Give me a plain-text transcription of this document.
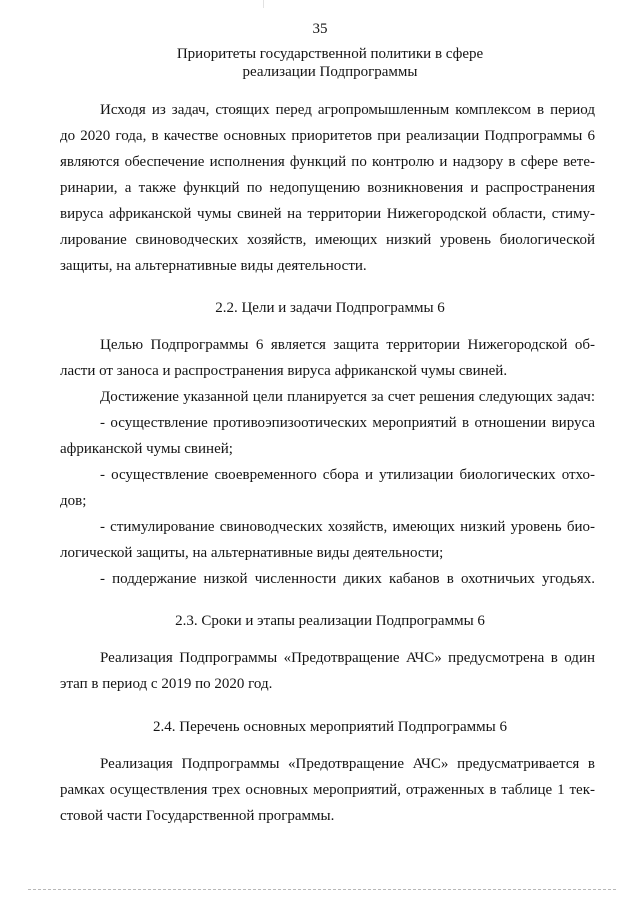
35
Приоритеты государственной политики в сфере
реализации Подпрограммы
Исходя из задач, стоящих перед агропромышленным комплексом в период
до 2020 года, в качестве основных приоритетов при реализации Подпрограммы 6
являются обеспечение исполнения функций по контролю и надзору в сфере вете-
ринарии, а также функций по недопущению возникновения и распространения
вируса африканской чумы свиней на территории Нижегородской области, стиму-
лирование свиноводческих хозяйств, имеющих низкий уровень биологической
защиты, на альтернативные виды деятельности.
2.2. Цели и задачи Подпрограммы 6
Целью Подпрограммы 6 является защита территории Нижегородской об-
ласти от заноса и распространения вируса африканской чумы свиней.
Достижение указанной цели планируется за счет решения следующих задач:
- осуществление противоэпизоотических мероприятий в отношении вируса
африканской чумы свиней;
- осуществление своевременного сбора и утилизации биологических отхо-
дов;
- стимулирование свиноводческих хозяйств, имеющих низкий уровень био-
логической защиты, на альтернативные виды деятельности;
- поддержание низкой численности диких кабанов в охотничьих угодьях.
2.3. Сроки и этапы реализации Подпрограммы 6
Реализация Подпрограммы «Предотвращение АЧС» предусмотрена в один
этап в период с 2019 по 2020 год.
2.4. Перечень основных мероприятий Подпрограммы 6
Реализация Подпрограммы «Предотвращение АЧС» предусматривается в
рамках осуществления трех основных мероприятий, отраженных в таблице 1 тек-
стовой части Государственной программы.
